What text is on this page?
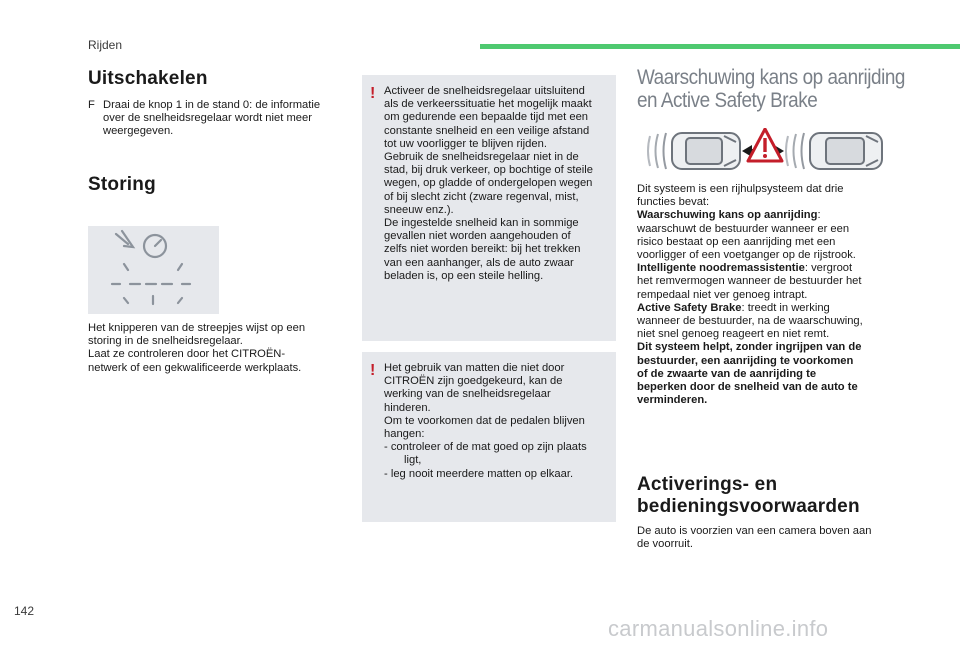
Rijden
Uitschakelen
F Draai de knop 1 in de stand 0: de informatie
over de snelheidsregelaar wordt niet meer
weergegeven.
Storing
Het knipperen van de streepjes wijst op een
storing in de snelheidsregelaar.
Laat ze controleren door het CITROËN-
netwerk of een gekwalificeerde werkplaats.
! Activeer de snelheidsregelaar uitsluitend
als de verkeerssituatie het mogelijk maakt
om gedurende een bepaalde tijd met een
constante snelheid en een veilige afstand
tot uw voorligger te blijven rijden.
Gebruik de snelheidsregelaar niet in de
stad, bij druk verkeer, op bochtige of steile
wegen, op gladde of ondergelopen wegen
of bij slecht zicht (zware regenval, mist,
sneeuw enz.).
De ingestelde snelheid kan in sommige
gevallen niet worden aangehouden of
zelfs niet worden bereikt: bij het trekken
van een aanhanger, als de auto zwaar
beladen is, op een steile helling.
! Het gebruik van matten die niet door
CITROËN zijn goedgekeurd, kan de
werking van de snelheidsregelaar
hinderen.
Om te voorkomen dat de pedalen blijven
hangen:
- controleer of de mat goed op zijn plaats ligt,
- leg nooit meerdere matten op elkaar.
Waarschuwing kans op aanrijding
en Active Safety Brake
Dit systeem is een rijhulpsysteem dat drie
functies bevat:
Waarschuwing kans op aanrijding:
waarschuwt de bestuurder wanneer er een
risico bestaat op een aanrijding met een
voorligger of een voetganger op de rijstrook.
Intelligente noodremassistentie: vergroot
het remvermogen wanneer de bestuurder het
rempedaal niet ver genoeg intrapt.
Active Safety Brake: treedt in werking
wanneer de bestuurder, na de waarschuwing,
niet snel genoeg reageert en niet remt.
Dit systeem helpt, zonder ingrijpen van de
bestuurder, een aanrijding te voorkomen
of de zwaarte van de aanrijding te
beperken door de snelheid van de auto te
verminderen.
Activerings- en
bedieningsvoorwaarden
De auto is voorzien van een camera boven aan
de voorruit.
142
carmanualsonline.info
